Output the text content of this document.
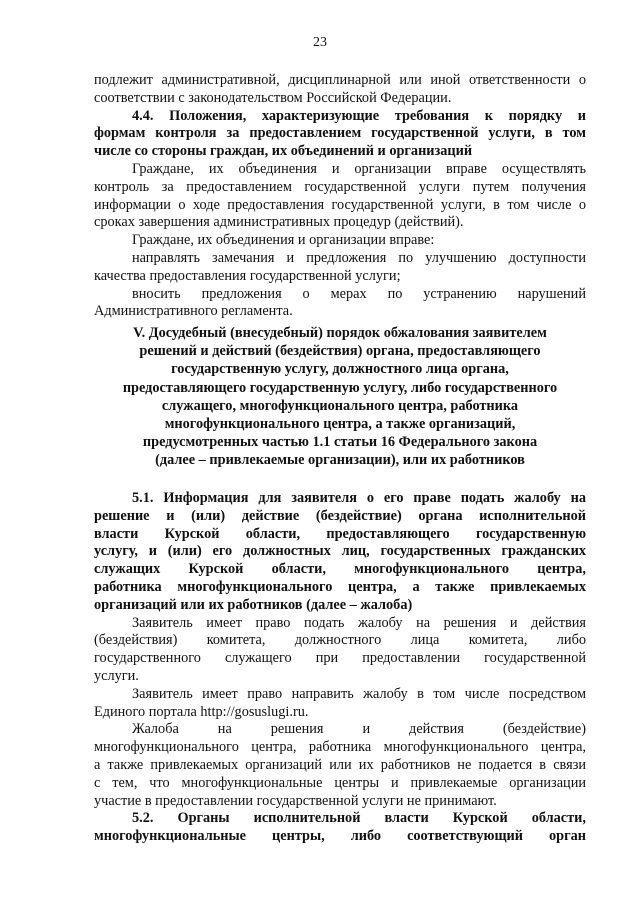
23
подлежит административной, дисциплинарной или иной ответственности о
соответствии с законодательством Российской Федерации.
4.4. Положения, характеризующие требования к порядку и
формам контроля за предоставлением государственной услуги, в том
числе со стороны граждан, их объединений и организаций
Граждане, их объединения и организации вправе осуществлять
контроль за предоставлением государственной услуги путем получения
информации о ходе предоставления государственной услуги, в том числе о
сроках завершения административных процедур (действий).
Граждане, их объединения и организации вправе:
направлять замечания и предложения по улучшению доступности
качества предоставления государственной услуги;
вносить предложения о мерах по устранению нарушений
Административного регламента.
V. Досудебный (внесудебный) порядок обжалования заявителем
решений и действий (бездействия) органа, предоставляющего
государственную услугу, должностного лица органа,
предоставляющего государственную услугу, либо государственного
служащего, многофункционального центра, работника
многофункционального центра, а также организаций,
предусмотренных частью 1.1 статьи 16 Федерального закона
(далее – привлекаемые организации), или их работников
5.1. Информация для заявителя о его праве подать жалобу на
решение и (или) действие (бездействие) органа исполнительной
власти Курской области, предоставляющего государственную
услугу, и (или) его должностных лиц, государственных гражданских
служащих Курской области, многофункционального центра,
работника многофункционального центра, а также привлекаемых
организаций или их работников (далее – жалоба)
Заявитель имеет право подать жалобу на решения и действия
(бездействия) комитета, должностного лица комитета, либо
государственного служащего при предоставлении государственной
услуги.
Заявитель имеет право направить жалобу в том числе посредством
Единого портала http://gosuslugi.ru.
Жалоба на решения и действия (бездействие)
многофункционального центра, работника многофункционального центра,
а также привлекаемых организаций или их работников не подается в связи
с тем, что многофункциональные центры и привлекаемые организации
участие в предоставлении государственной услуги не принимают.
5.2. Органы исполнительной власти Курской области,
многофункциональные центры, либо соответствующий орган
